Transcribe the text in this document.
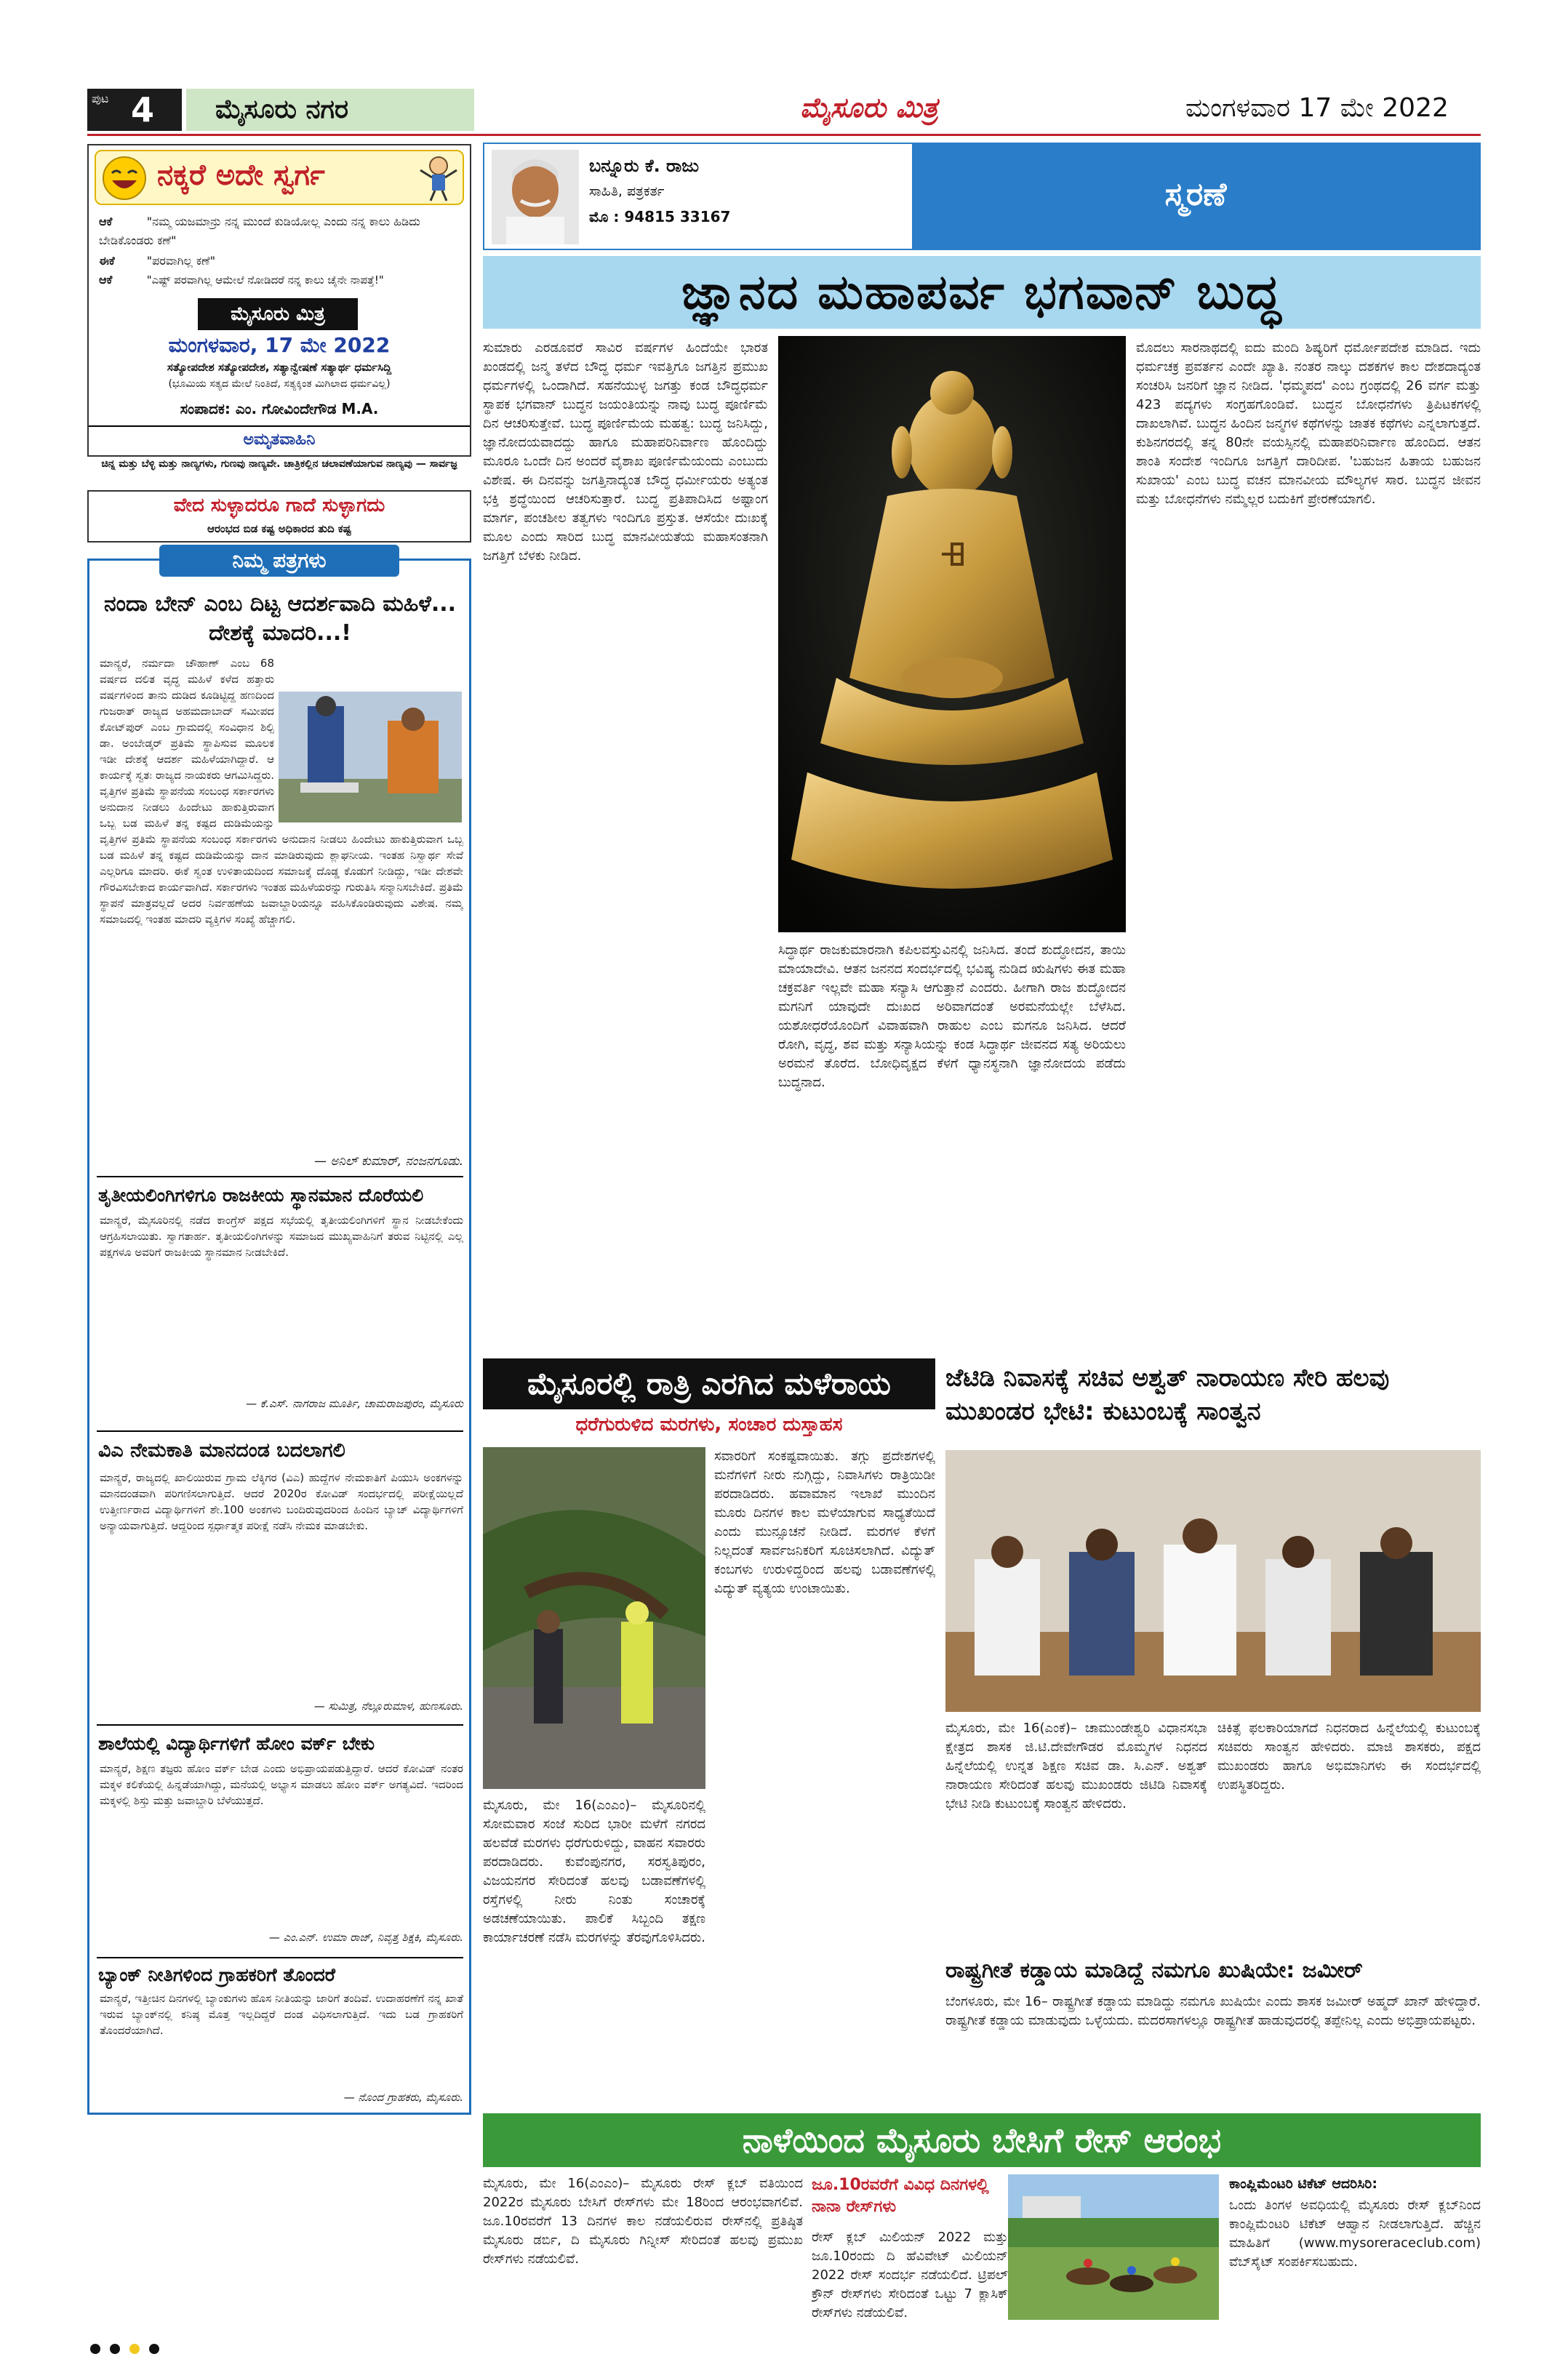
ಪುಟ 4 ಮೈಸೂರು ನಗರ	ಮೈಸೂರು ಮಿತ್ರ	ಮಂಗಳವಾರ 17 ಮೇ 2022
ನಕ್ಕರೆ ಅದೇ ಸ್ವರ್ಗ
ಆಕೆ	"ನಮ್ಮ ಯಜಮಾನ್ರು ನನ್ನ ಮುಂದೆ ಕುಡಿಯೋಲ್ಲ ಎಂದು ನನ್ನ ಕಾಲು ಹಿಡಿದು ಬೇಡಿಕೊಂಡರು ಕಣೆ"
ಈಕೆ	"ಪರವಾಗಿಲ್ಲ ಕಣೆ"
ಆಕೆ	"ಎಷ್ಟ್ ಪರವಾಗಿಲ್ಲ ಆಮೇಲೆ ನೋಡಿದರೆ ನನ್ನ ಕಾಲು ಚೈನೇ ನಾಪತ್ತೆ!"
ಮೈಸೂರು ಮಿತ್ರ
ಮಂಗಳವಾರ, 17 ಮೇ 2022
ಸತ್ಯೋಪದೇಶ ಸತ್ಯೋಪದೇಶ, ಸತ್ಯಾನ್ವೇಷಣೆ ಸತ್ಯಾರ್ಥ ಧರ್ಮಸಿದ್ದಿ
(ಭೂಮಿಯ ಸತ್ಯದ ಮೇಲೆ ನಿಂತಿದೆ, ಸತ್ಯಕ್ಕಿಂತ ಮಿಗಿಲಾದ ಧರ್ಮವಿಲ್ಲ)
ಸಂಪಾದಕ: ಎಂ. ಗೋವಿಂದೇಗೌಡ M.A.
ಅಮೃತವಾಹಿನಿ
ಚಿನ್ನ ಮತ್ತು ಬೆಳ್ಳಿ ಮತ್ತು ನಾಣ್ಯಗಳು, ಗುಣವು ನಾಣ್ಯವೇ. ಚಾತ್ರಿಕಲ್ಲಿನ ಚಲಾವಣೆಯಾಗುವ ನಾಣ್ಯವು — ಸಾರ್ವಜ್ಞ
ವೇದ ಸುಳ್ಳಾದರೂ ಗಾದೆ ಸುಳ್ಳಾಗದು
ಆರಂಭದ ಬಿಡ ಕಷ್ಟ ಅಧಿಕಾರದ ತುದಿ ಕಷ್ಟ
ನಿಮ್ಮ ಪತ್ರಗಳು
ನಂದಾ ಬೇನ್ ಎಂಬ ದಿಟ್ಟ ಆದರ್ಶವಾದಿ ಮಹಿಳೆ... ದೇಶಕ್ಕೆ ಮಾದರಿ...!
ಮಾನ್ಯರೆ, ನರ್ಮದಾ ಚೌಹಾಣ್ ಎಂಬ 68 ವರ್ಷದ ದಲಿತ ವೃದ್ಧ ಮಹಿಳೆ ಕಳೆದ ಹತ್ತಾರು ವರ್ಷಗಳಿಂದ ತಾನು ದುಡಿದ ಕೂಡಿಟ್ಟಿದ್ದ ಹಣದಿಂದ ಗುಜರಾತ್ ರಾಜ್ಯದ ಅಹಮದಾಬಾದ್ ಸಮೀಪದ ಕೋಟ್‌ಪುರ್ ಎಂಬ ಗ್ರಾಮದಲ್ಲಿ ಸಂವಿಧಾನ ಶಿಲ್ಪಿ ಡಾ. ಅಂಬೇಡ್ಕರ್ ಪ್ರತಿಮೆ ಸ್ಥಾಪಿಸುವ ಮೂಲಕ ಇಡೀ ದೇಶಕ್ಕೆ ಆದರ್ಶ ಮಹಿಳೆಯಾಗಿದ್ದಾರೆ. ಆ ಕಾರ್ಯಕ್ಕೆ ಸ್ವತಃ ರಾಜ್ಯದ ನಾಯಕರು ಆಗಮಿಸಿದ್ದರು. ವೃತ್ತಿಗಳ ಪ್ರತಿಮೆ ಸ್ಥಾಪನೆಯ ಸಂಬಂಧ ಸರ್ಕಾರಗಳು ಅನುದಾನ ನೀಡಲು ಹಿಂದೇಟು ಹಾಕುತ್ತಿರುವಾಗ ಒಬ್ಬ ಬಡ ಮಹಿಳೆ ತನ್ನ ಕಷ್ಟದ ದುಡಿಮೆಯನ್ನು
ವೃತ್ತಿಗಳ ಪ್ರತಿಮೆ ಸ್ಥಾಪನೆಯ ಸಂಬಂಧ ಸರ್ಕಾರಗಳು ಅನುದಾನ ನೀಡಲು ಹಿಂದೇಟು ಹಾಕುತ್ತಿರುವಾಗ ಒಬ್ಬ ಬಡ ಮಹಿಳೆ ತನ್ನ ಕಷ್ಟದ ದುಡಿಮೆಯನ್ನು ದಾನ ಮಾಡಿರುವುದು ಶ್ಲಾಘನೀಯ. ಇಂತಹ ನಿಸ್ವಾರ್ಥ ಸೇವೆ ಎಲ್ಲರಿಗೂ ಮಾದರಿ. ಈಕೆ ಸ್ವಂತ ಉಳಿತಾಯದಿಂದ ಸಮಾಜಕ್ಕೆ ದೊಡ್ಡ ಕೊಡುಗೆ ನೀಡಿದ್ದು, ಇಡೀ ದೇಶವೇ ಗೌರವಿಸಬೇಕಾದ ಕಾರ್ಯವಾಗಿದೆ. ಸರ್ಕಾರಗಳು ಇಂತಹ ಮಹಿಳೆಯರನ್ನು ಗುರುತಿಸಿ ಸನ್ಮಾನಿಸಬೇಕಿದೆ. ಪ್ರತಿಮೆ ಸ್ಥಾಪನೆ ಮಾತ್ರವಲ್ಲದೆ ಅದರ ನಿರ್ವಹಣೆಯ ಜವಾಬ್ದಾರಿಯನ್ನೂ ವಹಿಸಿಕೊಂಡಿರುವುದು ವಿಶೇಷ. ನಮ್ಮ ಸಮಾಜದಲ್ಲಿ ಇಂತಹ ಮಾದರಿ ವ್ಯಕ್ತಿಗಳ ಸಂಖ್ಯೆ ಹೆಚ್ಚಾಗಲಿ.
— ಅನಿಲ್ ಕುಮಾರ್, ನಂಜನಗೂಡು.
ತೃತೀಯಲಿಂಗಿಗಳಿಗೂ ರಾಜಕೀಯ ಸ್ಥಾನಮಾನ ದೊರೆಯಲಿ
ಮಾನ್ಯರೆ, ಮೈಸೂರಿನಲ್ಲಿ ನಡೆದ ಕಾಂಗ್ರೆಸ್ ಪಕ್ಷದ ಸಭೆಯಲ್ಲಿ ತೃತೀಯಲಿಂಗಿಗಳಿಗೆ ಸ್ಥಾನ ನೀಡಬೇಕೆಂದು ಆಗ್ರಹಿಸಲಾಯಿತು. ಸ್ವಾಗತಾರ್ಹ. ತೃತೀಯಲಿಂಗಿಗಳನ್ನು ಸಮಾಜದ ಮುಖ್ಯವಾಹಿನಿಗೆ ತರುವ ನಿಟ್ಟಿನಲ್ಲಿ ಎಲ್ಲ ಪಕ್ಷಗಳೂ ಅವರಿಗೆ ರಾಜಕೀಯ ಸ್ಥಾನಮಾನ ನೀಡಬೇಕಿದೆ.
— ಕೆ.ಎಸ್. ನಾಗರಾಜ ಮೂರ್ತಿ, ಚಾಮರಾಜಪುರಂ, ಮೈಸೂರು
ವಿಎ ನೇಮಕಾತಿ ಮಾನದಂಡ ಬದಲಾಗಲಿ
ಮಾನ್ಯರೆ, ರಾಜ್ಯದಲ್ಲಿ ಖಾಲಿಯಿರುವ ಗ್ರಾಮ ಲೆಕ್ಕಿಗರ (ವಿಎ) ಹುದ್ದೆಗಳ ನೇಮಕಾತಿಗೆ ಪಿಯುಸಿ ಅಂಕಗಳನ್ನು ಮಾನದಂಡವಾಗಿ ಪರಿಗಣಿಸಲಾಗುತ್ತಿದೆ. ಆದರೆ 2020ರ ಕೋವಿಡ್ ಸಂದರ್ಭದಲ್ಲಿ ಪರೀಕ್ಷೆಯಿಲ್ಲದೆ ಉತ್ತೀರ್ಣರಾದ ವಿದ್ಯಾರ್ಥಿಗಳಿಗೆ ಶೇ.100 ಅಂಕಗಳು ಬಂದಿರುವುದರಿಂದ ಹಿಂದಿನ ಬ್ಯಾಚ್ ವಿದ್ಯಾರ್ಥಿಗಳಿಗೆ ಅನ್ಯಾಯವಾಗುತ್ತಿದೆ. ಆದ್ದರಿಂದ ಸ್ಪರ್ಧಾತ್ಮಕ ಪರೀಕ್ಷೆ ನಡೆಸಿ ನೇಮಕ ಮಾಡಬೇಕು.
— ಸುಮಿತ್ರ, ನೆಲ್ಲೂರುಮಾಳ, ಹುಣಸೂರು.
ಶಾಲೆಯಲ್ಲಿ ವಿದ್ಯಾರ್ಥಿಗಳಿಗೆ ಹೋಂ ವರ್ಕ್ ಬೇಕು
ಮಾನ್ಯರೆ, ಶಿಕ್ಷಣ ತಜ್ಞರು ಹೋಂ ವರ್ಕ್ ಬೇಡ ಎಂದು ಅಭಿಪ್ರಾಯಪಡುತ್ತಿದ್ದಾರೆ. ಆದರೆ ಕೋವಿಡ್ ನಂತರ ಮಕ್ಕಳ ಕಲಿಕೆಯಲ್ಲಿ ಹಿನ್ನಡೆಯಾಗಿದ್ದು, ಮನೆಯಲ್ಲಿ ಅಭ್ಯಾಸ ಮಾಡಲು ಹೋಂ ವರ್ಕ್ ಅಗತ್ಯವಿದೆ. ಇದರಿಂದ ಮಕ್ಕಳಲ್ಲಿ ಶಿಸ್ತು ಮತ್ತು ಜವಾಬ್ದಾರಿ ಬೆಳೆಯುತ್ತದೆ.
— ಎಂ.ಎನ್. ಉಮಾ ರಾಜ್, ನಿವೃತ್ತ ಶಿಕ್ಷಕಿ, ಮೈಸೂರು.
ಬ್ಯಾಂಕ್ ನೀತಿಗಳಿಂದ ಗ್ರಾಹಕರಿಗೆ ತೊಂದರೆ
ಮಾನ್ಯರೆ, ಇತ್ತೀಚಿನ ದಿನಗಳಲ್ಲಿ ಬ್ಯಾಂಕುಗಳು ಹೊಸ ನೀತಿಯನ್ನು ಜಾರಿಗೆ ತಂದಿವೆ. ಉದಾಹರಣೆಗೆ ನನ್ನ ಖಾತೆ ಇರುವ ಬ್ಯಾಂಕ್‌ನಲ್ಲಿ ಕನಿಷ್ಠ ಮೊತ್ತ ಇಲ್ಲದಿದ್ದರೆ ದಂಡ ವಿಧಿಸಲಾಗುತ್ತಿದೆ. ಇದು ಬಡ ಗ್ರಾಹಕರಿಗೆ ತೊಂದರೆಯಾಗಿದೆ.
— ನೊಂದ ಗ್ರಾಹಕರು, ಮೈಸೂರು.
ಬನ್ನೂರು ಕೆ. ರಾಜು
ಸಾಹಿತಿ, ಪತ್ರಕರ್ತ
ಮೊ : 94815 33167
ಸ್ಮರಣೆ
ಜ್ಞಾನದ ಮಹಾಪರ್ವ ಭಗವಾನ್ ಬುದ್ಧ
ಸುಮಾರು ಎರಡೂವರೆ ಸಾವಿರ ವರ್ಷಗಳ ಹಿಂದೆಯೇ ಭಾರತ ಖಂಡದಲ್ಲಿ ಜನ್ಮ ತಳೆದ ಬೌದ್ಧ ಧರ್ಮ ಇವತ್ತಿಗೂ ಜಗತ್ತಿನ ಪ್ರಮುಖ ಧರ್ಮಗಳಲ್ಲಿ ಒಂದಾಗಿದೆ. ಸಹನೆಯುಳ್ಳ ಜಗತ್ತು ಕಂಡ ಬೌದ್ಧಧರ್ಮ ಸ್ಥಾಪಕ ಭಗವಾನ್ ಬುದ್ಧನ ಜಯಂತಿಯನ್ನು ನಾವು ಬುದ್ಧ ಪೂರ್ಣಿಮೆ ದಿನ ಆಚರಿಸುತ್ತೇವೆ. ಬುದ್ಧ ಪೂರ್ಣಿಮೆಯ ಮಹತ್ವ: ಬುದ್ಧ ಜನಿಸಿದ್ದು, ಜ್ಞಾನೋದಯವಾದದ್ದು ಹಾಗೂ ಮಹಾಪರಿನಿರ್ವಾಣ ಹೊಂದಿದ್ದು ಮೂರೂ ಒಂದೇ ದಿನ ಅಂದರೆ ವೈಶಾಖ ಪೂರ್ಣಿಮೆಯಂದು ಎಂಬುದು ವಿಶೇಷ. ಈ ದಿನವನ್ನು ಜಗತ್ತಿನಾದ್ಯಂತ ಬೌದ್ಧ ಧರ್ಮೀಯರು ಅತ್ಯಂತ ಭಕ್ತಿ ಶ್ರದ್ಧೆಯಿಂದ ಆಚರಿಸುತ್ತಾರೆ. ಬುದ್ಧ ಪ್ರತಿಪಾದಿಸಿದ ಅಷ್ಟಾಂಗ ಮಾರ್ಗ, ಪಂಚಶೀಲ ತತ್ವಗಳು ಇಂದಿಗೂ ಪ್ರಸ್ತುತ. ಆಸೆಯೇ ದುಃಖಕ್ಕೆ ಮೂಲ ಎಂದು ಸಾರಿದ ಬುದ್ಧ ಮಾನವೀಯತೆಯ ಮಹಾಸಂತನಾಗಿ ಜಗತ್ತಿಗೆ ಬೆಳಕು ನೀಡಿದ.
ಸಿದ್ಧಾರ್ಥ ರಾಜಕುಮಾರನಾಗಿ ಕಪಿಲವಸ್ತುವಿನಲ್ಲಿ ಜನಿಸಿದ. ತಂದೆ ಶುದ್ಧೋದನ, ತಾಯಿ ಮಾಯಾದೇವಿ. ಆತನ ಜನನದ ಸಂದರ್ಭದಲ್ಲಿ ಭವಿಷ್ಯ ನುಡಿದ ಋಷಿಗಳು ಈತ ಮಹಾ ಚಕ್ರವರ್ತಿ ಇಲ್ಲವೇ ಮಹಾ ಸನ್ಯಾಸಿ ಆಗುತ್ತಾನೆ ಎಂದರು. ಹೀಗಾಗಿ ರಾಜ ಶುದ್ಧೋದನ ಮಗನಿಗೆ ಯಾವುದೇ ದುಃಖದ ಅರಿವಾಗದಂತೆ ಅರಮನೆಯಲ್ಲೇ ಬೆಳೆಸಿದ. ಯಶೋಧರೆಯೊಂದಿಗೆ ವಿವಾಹವಾಗಿ ರಾಹುಲ ಎಂಬ ಮಗನೂ ಜನಿಸಿದ. ಆದರೆ ರೋಗಿ, ವೃದ್ಧ, ಶವ ಮತ್ತು ಸನ್ಯಾಸಿಯನ್ನು ಕಂಡ ಸಿದ್ಧಾರ್ಥ ಜೀವನದ ಸತ್ಯ ಅರಿಯಲು ಅರಮನೆ ತೊರೆದ. ಬೋಧಿವೃಕ್ಷದ ಕೆಳಗೆ ಧ್ಯಾನಸ್ಥನಾಗಿ ಜ್ಞಾನೋದಯ ಪಡೆದು ಬುದ್ಧನಾದ.
ಮೊದಲು ಸಾರನಾಥದಲ್ಲಿ ಐದು ಮಂದಿ ಶಿಷ್ಯರಿಗೆ ಧರ್ಮೋಪದೇಶ ಮಾಡಿದ. ಇದು ಧರ್ಮಚಕ್ರ ಪ್ರವರ್ತನ ಎಂದೇ ಖ್ಯಾತಿ. ನಂತರ ನಾಲ್ಕು ದಶಕಗಳ ಕಾಲ ದೇಶದಾದ್ಯಂತ ಸಂಚರಿಸಿ ಜನರಿಗೆ ಜ್ಞಾನ ನೀಡಿದ. 'ಧಮ್ಮಪದ' ಎಂಬ ಗ್ರಂಥದಲ್ಲಿ 26 ವರ್ಗ ಮತ್ತು 423 ಪದ್ಯಗಳು ಸಂಗ್ರಹಗೊಂಡಿವೆ. ಬುದ್ಧನ ಬೋಧನೆಗಳು ತ್ರಿಪಿಟಕಗಳಲ್ಲಿ ದಾಖಲಾಗಿವೆ. ಬುದ್ಧನ ಹಿಂದಿನ ಜನ್ಮಗಳ ಕಥೆಗಳನ್ನು ಜಾತಕ ಕಥೆಗಳು ಎನ್ನಲಾಗುತ್ತದೆ. ಕುಶಿನಗರದಲ್ಲಿ ತನ್ನ 80ನೇ ವಯಸ್ಸಿನಲ್ಲಿ ಮಹಾಪರಿನಿರ್ವಾಣ ಹೊಂದಿದ. ಆತನ ಶಾಂತಿ ಸಂದೇಶ ಇಂದಿಗೂ ಜಗತ್ತಿಗೆ ದಾರಿದೀಪ. 'ಬಹುಜನ ಹಿತಾಯ ಬಹುಜನ ಸುಖಾಯ' ಎಂಬ ಬುದ್ಧ ವಚನ ಮಾನವೀಯ ಮೌಲ್ಯಗಳ ಸಾರ. ಬುದ್ಧನ ಜೀವನ ಮತ್ತು ಬೋಧನೆಗಳು ನಮ್ಮೆಲ್ಲರ ಬದುಕಿಗೆ ಪ್ರೇರಣೆಯಾಗಲಿ.
ಮೈಸೂರಲ್ಲಿ ರಾತ್ರಿ ಎರಗಿದ ಮಳೆರಾಯ
ಧರೆಗುರುಳಿದ ಮರಗಳು, ಸಂಚಾರ ದುಸ್ತಾಹಸ
ಮೈಸೂರು, ಮೇ 16(ಎಂಎಂ)– ಮೈಸೂರಿನಲ್ಲಿ ಸೋಮವಾರ ಸಂಜೆ ಸುರಿದ ಭಾರೀ ಮಳೆಗೆ ನಗರದ ಹಲವೆಡೆ ಮರಗಳು ಧರೆಗುರುಳಿದ್ದು, ವಾಹನ ಸವಾರರು ಪರದಾಡಿದರು. ಕುವೆಂಪುನಗರ, ಸರಸ್ವತಿಪುರಂ, ವಿಜಯನಗರ ಸೇರಿದಂತೆ ಹಲವು ಬಡಾವಣೆಗಳಲ್ಲಿ ರಸ್ತೆಗಳಲ್ಲಿ ನೀರು ನಿಂತು ಸಂಚಾರಕ್ಕೆ ಅಡಚಣೆಯಾಯಿತು. ಪಾಲಿಕೆ ಸಿಬ್ಬಂದಿ ತಕ್ಷಣ ಕಾರ್ಯಾಚರಣೆ ನಡೆಸಿ ಮರಗಳನ್ನು ತೆರವುಗೊಳಿಸಿದರು.
ಸವಾರರಿಗೆ ಸಂಕಷ್ಟವಾಯಿತು. ತಗ್ಗು ಪ್ರದೇಶಗಳಲ್ಲಿ ಮನೆಗಳಿಗೆ ನೀರು ನುಗ್ಗಿದ್ದು, ನಿವಾಸಿಗಳು ರಾತ್ರಿಯಿಡೀ ಪರದಾಡಿದರು. ಹವಾಮಾನ ಇಲಾಖೆ ಮುಂದಿನ ಮೂರು ದಿನಗಳ ಕಾಲ ಮಳೆಯಾಗುವ ಸಾಧ್ಯತೆಯಿದೆ ಎಂದು ಮುನ್ಸೂಚನೆ ನೀಡಿದೆ. ಮರಗಳ ಕೆಳಗೆ ನಿಲ್ಲದಂತೆ ಸಾರ್ವಜನಿಕರಿಗೆ ಸೂಚಿಸಲಾಗಿದೆ. ವಿದ್ಯುತ್ ಕಂಬಗಳು ಉರುಳಿದ್ದರಿಂದ ಹಲವು ಬಡಾವಣೆಗಳಲ್ಲಿ ವಿದ್ಯುತ್ ವ್ಯತ್ಯಯ ಉಂಟಾಯಿತು.
ಜೆಟಿಡಿ ನಿವಾಸಕ್ಕೆ ಸಚಿವ ಅಶ್ವತ್ ನಾರಾಯಣ ಸೇರಿ ಹಲವು ಮುಖಂಡರ ಭೇಟಿ: ಕುಟುಂಬಕ್ಕೆ ಸಾಂತ್ವನ
ಮೈಸೂರು, ಮೇ 16(ಎಂಕೆ)– ಚಾಮುಂಡೇಶ್ವರಿ ವಿಧಾನಸಭಾ ಕ್ಷೇತ್ರದ ಶಾಸಕ ಜಿ.ಟಿ.ದೇವೇಗೌಡರ ಮೊಮ್ಮಗಳ ನಿಧನದ ಹಿನ್ನೆಲೆಯಲ್ಲಿ ಉನ್ನತ ಶಿಕ್ಷಣ ಸಚಿವ ಡಾ. ಸಿ.ಎನ್. ಅಶ್ವತ್ ನಾರಾಯಣ ಸೇರಿದಂತೆ ಹಲವು ಮುಖಂಡರು ಜಿಟಿಡಿ ನಿವಾಸಕ್ಕೆ ಭೇಟಿ ನೀಡಿ ಕುಟುಂಬಕ್ಕೆ ಸಾಂತ್ವನ ಹೇಳಿದರು.
ಚಿಕಿತ್ಸೆ ಫಲಕಾರಿಯಾಗದೆ ನಿಧನರಾದ ಹಿನ್ನೆಲೆಯಲ್ಲಿ ಕುಟುಂಬಕ್ಕೆ ಸಚಿವರು ಸಾಂತ್ವನ ಹೇಳಿದರು. ಮಾಜಿ ಶಾಸಕರು, ಪಕ್ಷದ ಮುಖಂಡರು ಹಾಗೂ ಅಭಿಮಾನಿಗಳು ಈ ಸಂದರ್ಭದಲ್ಲಿ ಉಪಸ್ಥಿತರಿದ್ದರು.
ರಾಷ್ಟ್ರಗೀತೆ ಕಡ್ಡಾಯ ಮಾಡಿದ್ದೆ ನಮಗೂ ಖುಷಿಯೇ: ಜಮೀರ್
ಬೆಂಗಳೂರು, ಮೇ 16– ರಾಷ್ಟ್ರಗೀತೆ ಕಡ್ಡಾಯ ಮಾಡಿದ್ದು ನಮಗೂ ಖುಷಿಯೇ ಎಂದು ಶಾಸಕ ಜಮೀರ್ ಅಹ್ಮದ್ ಖಾನ್ ಹೇಳಿದ್ದಾರೆ. ರಾಷ್ಟ್ರಗೀತೆ ಕಡ್ಡಾಯ ಮಾಡುವುದು ಒಳ್ಳೆಯದು. ಮದರಸಾಗಳಲ್ಲೂ ರಾಷ್ಟ್ರಗೀತೆ ಹಾಡುವುದರಲ್ಲಿ ತಪ್ಪೇನಿಲ್ಲ ಎಂದು ಅಭಿಪ್ರಾಯಪಟ್ಟರು.
ನಾಳೆಯಿಂದ ಮೈಸೂರು ಬೇಸಿಗೆ ರೇಸ್ ಆರಂಭ
ಮೈಸೂರು, ಮೇ 16(ಎಂಎಂ)– ಮೈಸೂರು ರೇಸ್ ಕ್ಲಬ್ ವತಿಯಿಂದ 2022ರ ಮೈಸೂರು ಬೇಸಿಗೆ ರೇಸ್‌ಗಳು ಮೇ 18ರಿಂದ ಆರಂಭವಾಗಲಿವೆ. ಜೂ.10ರವರೆಗೆ 13 ದಿನಗಳ ಕಾಲ ನಡೆಯಲಿರುವ ರೇಸ್‌ನಲ್ಲಿ ಪ್ರತಿಷ್ಠಿತ ಮೈಸೂರು ಡರ್ಬಿ, ದಿ ಮೈಸೂರು ಗಿನ್ನೀಸ್ ಸೇರಿದಂತೆ ಹಲವು ಪ್ರಮುಖ ರೇಸ್‌ಗಳು ನಡೆಯಲಿವೆ.
ಜೂ.10ರವರೆಗೆ ವಿವಿಧ ದಿನಗಳಲ್ಲಿ ನಾನಾ ರೇಸ್‌ಗಳು
ರೇಸ್ ಕ್ಲಬ್ ಮಿಲಿಯನ್ 2022 ಮತ್ತು ಜೂ.10ರಂದು ದಿ ಹೆವಿವೇಟ್ ಮಿಲಿಯನ್ 2022 ರೇಸ್ ಸಂದರ್ಭ ನಡೆಯಲಿದೆ. ಟ್ರಿಪಲ್ ಕ್ರೌನ್ ರೇಸ್‌ಗಳು ಸೇರಿದಂತೆ ಒಟ್ಟು 7 ಕ್ಲಾಸಿಕ್ ರೇಸ್‌ಗಳು ನಡೆಯಲಿವೆ.
ಕಾಂಪ್ಲಿಮೆಂಟರಿ ಟಿಕೆಟ್ ಆದರಿಸಿರಿ:
ಒಂದು ತಿಂಗಳ ಅವಧಿಯಲ್ಲಿ ಮೈಸೂರು ರೇಸ್ ಕ್ಲಬ್‌ನಿಂದ ಕಾಂಪ್ಲಿಮೆಂಟರಿ ಟಿಕೆಟ್ ಆಹ್ವಾನ ನೀಡಲಾಗುತ್ತಿದೆ. ಹೆಚ್ಚಿನ ಮಾಹಿತಿಗೆ (www.mysoreraceclub.com) ವೆಬ್‌ಸೈಟ್ ಸಂಪರ್ಕಿಸಬಹುದು.
